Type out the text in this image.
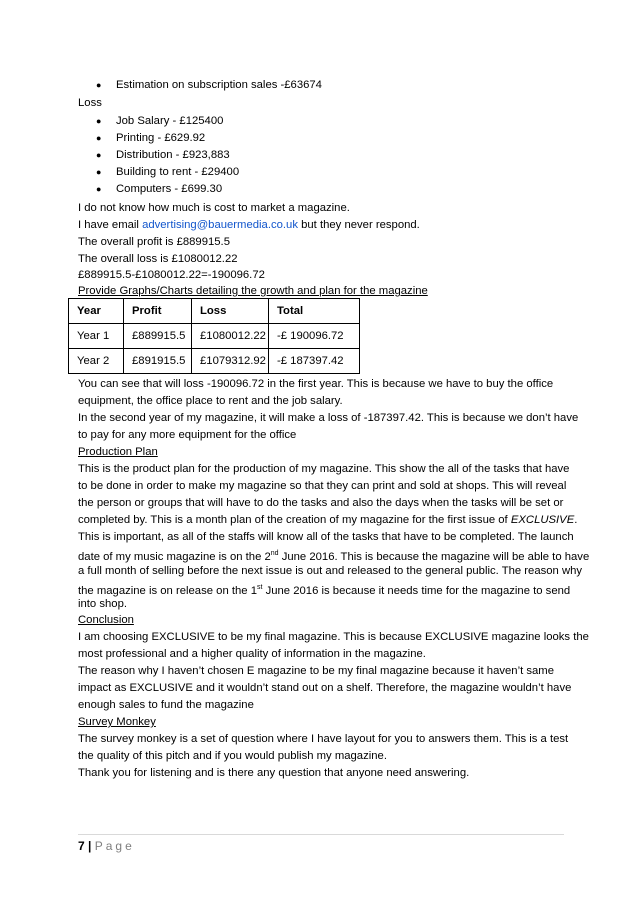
● Estimation on subscription sales -£63674
Loss
● Job Salary - £125400
● Printing - £629.92
● Distribution - £923,883
● Building to rent - £29400
● Computers - £699.30
I do not know how much is cost to market a magazine.
I have email advertising@bauermedia.co.uk but they never respond.
The overall profit is £889915.5
The overall loss is £1080012.22
£889915.5-£1080012.22=-190096.72
Provide Graphs/Charts detailing the growth and plan for the magazine
Year	Profit	Loss	Total
Year 1	£889915.5	£1080012.22	-£ 190096.72
Year 2	£891915.5	£1079312.92	-£ 187397.42
You can see that will loss -190096.72 in the first year. This is because we have to buy the office
equipment, the office place to rent and the job salary.
In the second year of my magazine, it will make a loss of -187397.42. This is because we don’t have
to pay for any more equipment for the office
Production Plan
This is the product plan for the production of my magazine. This show the all of the tasks that have
to be done in order to make my magazine so that they can print and sold at shops. This will reveal
the person or groups that will have to do the tasks and also the days when the tasks will be set or
completed by. This is a month plan of the creation of my magazine for the first issue of EXCLUSIVE.
This is important, as all of the staffs will know all of the tasks that have to be completed. The launch
date of my music magazine is on the 2nd June 2016. This is because the magazine will be able to have
a full month of selling before the next issue is out and released to the general public. The reason why
the magazine is on release on the 1st June 2016 is because it needs time for the magazine to send
into shop.
Conclusion
I am choosing EXCLUSIVE to be my final magazine. This is because EXCLUSIVE magazine looks the
most professional and a higher quality of information in the magazine.
The reason why I haven’t chosen E magazine to be my final magazine because it haven’t same
impact as EXCLUSIVE and it wouldn’t stand out on a shelf. Therefore, the magazine wouldn’t have
enough sales to fund the magazine
Survey Monkey
The survey monkey is a set of question where I have layout for you to answers them. This is a test
the quality of this pitch and if you would publish my magazine.
Thank you for listening and is there any question that anyone need answering.
7 | Page
